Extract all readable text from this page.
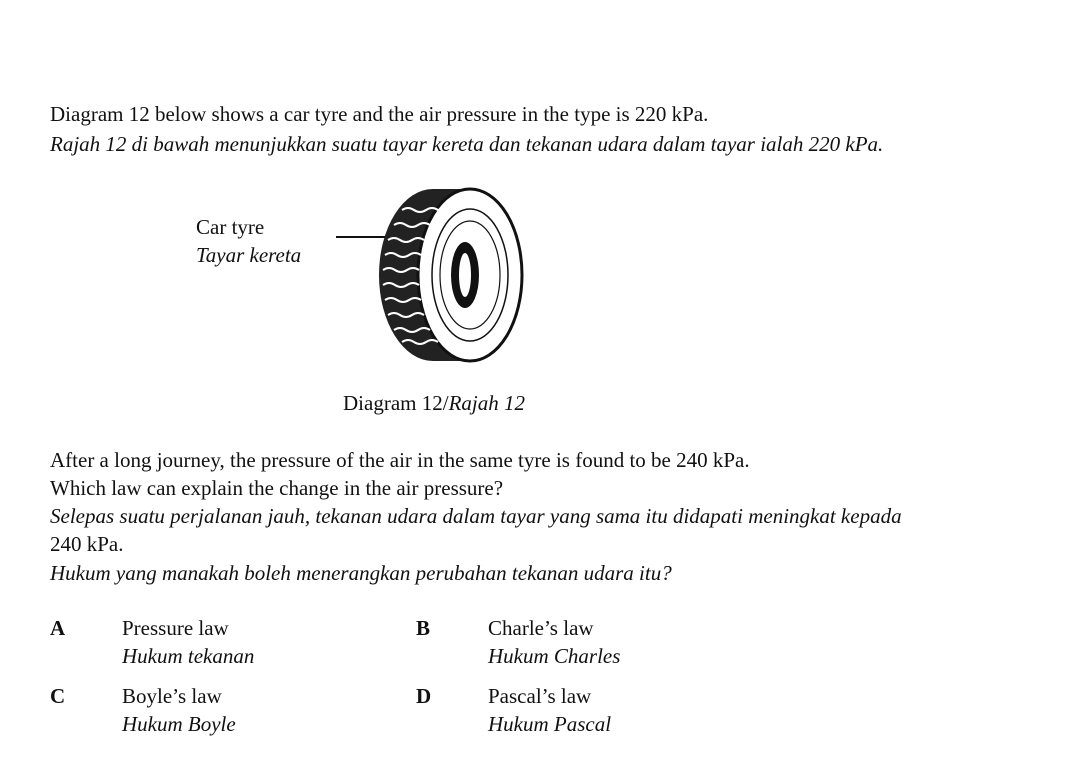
Diagram 12 below shows a car tyre and the air pressure in the type is 220 kPa.
Rajah 12 di bawah menunjukkan suatu tayar kereta dan tekanan udara dalam tayar ialah 220 kPa.
Car tyre
Tayar kereta
Diagram 12/Rajah 12
After a long journey, the pressure of the air in the same tyre is found to be 240 kPa.
Which law can explain the change in the air pressure?
Selepas suatu perjalanan jauh, tekanan udara dalam tayar yang sama itu didapati meningkat kepada
240 kPa.
Hukum yang manakah boleh menerangkan perubahan tekanan udara itu?
A	Pressure law
Hukum tekanan
B	Charle’s law
Hukum Charles
C	Boyle’s law
Hukum Boyle
D	Pascal’s law
Hukum Pascal
